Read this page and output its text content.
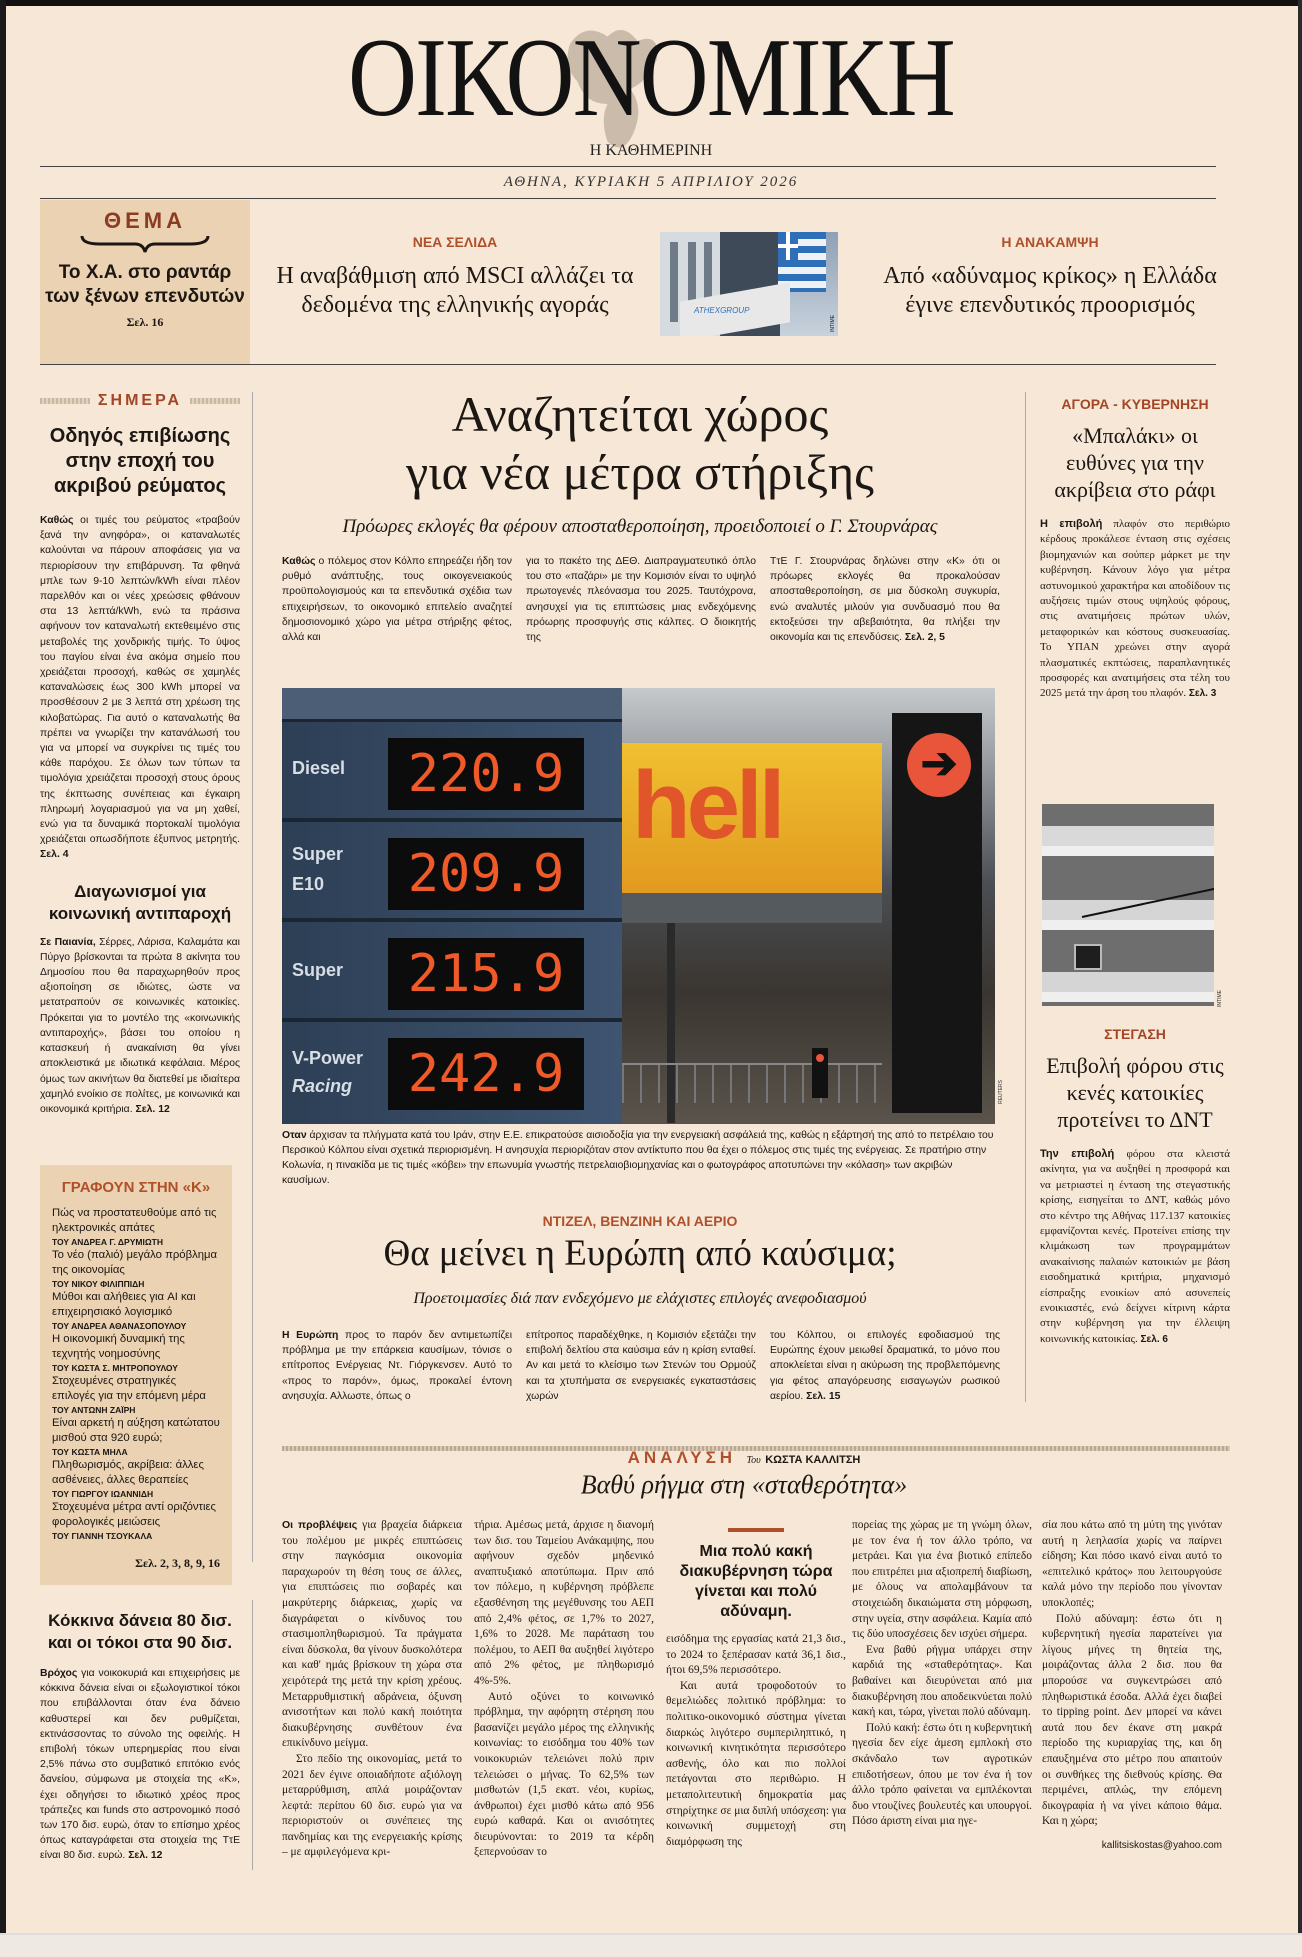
ΟΙΚΟΝΟΜΙΚΗ
Η ΚΑΘΗΜΕΡΙΝΗ
ΑΘΗΝΑ, ΚΥΡΙΑΚΗ 5 ΑΠΡΙΛΙΟΥ 2026
ΘΕΜΑ
Το Χ.Α. στο ραντάρ των ξένων επενδυτών
Σελ. 16
ΝΕΑ ΣΕΛΙΔΑ
Η αναβάθμιση από MSCI αλλάζει τα δεδομένα της ελληνικής αγοράς	ATHEXGROUP
INTIME
Η ΑΝΑΚΑΜΨΗ
Από «αδύναμος κρίκος» η Ελλάδα έγινε επενδυτικός προορισμός
ΣΗΜΕΡΑ
Οδηγός επιβίωσης στην εποχή του ακριβού ρεύματος
Καθώς οι τιμές του ρεύματος «τραβούν ξανά την ανηφόρα», οι καταναλωτές καλούνται να πάρουν αποφάσεις για να περιορίσουν την επιβάρυνση. Τα φθηνά μπλε των 9-10 λεπτών/kWh είναι πλέον παρελθόν και οι νέες χρεώσεις φθάνουν στα 13 λεπτά/kWh, ενώ τα πράσινα αφήνουν τον καταναλωτή εκτεθειμένο στις μεταβολές της χονδρικής τιμής. Το ύψος του παγίου είναι ένα ακόμα σημείο που χρειάζεται προσοχή, καθώς σε χαμηλές καταναλώσεις έως 300 kWh μπορεί να προσθέσουν 2 με 3 λεπτά στη χρέωση της κιλοβατώρας. Για αυτό ο καταναλωτής θα πρέπει να γνωρίζει την κατανάλωσή του για να μπορεί να συγκρίνει τις τιμές του κάθε παρόχου. Σε όλων των τύπων τα τιμολόγια χρειάζεται προσοχή στους όρους της έκπτωσης συνέπειας και έγκαιρη πληρωμή λογαριασμού για να μη χαθεί, ενώ για τα δυναμικά πορτοκαλί τιμολόγια χρειάζεται οπωσδήποτε έξυπνος μετρητής. Σελ. 4
Διαγωνισμοί για κοινωνική αντιπαροχή
Σε Παιανία, Σέρρες, Λάρισα, Καλαμάτα και Πύργο βρίσκονται τα πρώτα 8 ακίνητα του Δημοσίου που θα παραχωρηθούν προς αξιοποίηση σε ιδιώτες, ώστε να μετατραπούν σε κοινωνικές κατοικίες. Πρόκειται για το μοντέλο της «κοινωνικής αντιπαροχής», βάσει του οποίου η κατασκευή ή ανακαίνιση θα γίνει αποκλειστικά με ιδιωτικά κεφάλαια. Μέρος όμως των ακινήτων θα διατεθεί με ιδιαίτερα χαμηλό ενοίκιο σε πολίτες, με κοινωνικά και οικονομικά κριτήρια. Σελ. 12
ΓΡΑΦΟΥΝ ΣΤΗΝ «Κ»
Πώς να προστατευθούμε από τις ηλεκτρονικές απάτες
ΤΟΥ ΑΝΔΡΕΑ Γ. ΔΡΥΜΙΩΤΗ
Το νέο (παλιό) μεγάλο πρόβλημα της οικονομίας
ΤΟΥ ΝΙΚΟΥ ΦΙΛΙΠΠΙΔΗ
Μύθοι και αλήθειες για AI και επιχειρησιακό λογισμικό
ΤΟΥ ΑΝΔΡΕΑ ΑΘΑΝΑΣΟΠΟΥΛΟΥ
Η οικονομική δυναμική της τεχνητής νοημοσύνης
ΤΟΥ ΚΩΣΤΑ Σ. ΜΗΤΡΟΠΟΥΛΟΥ
Στοχευμένες στρατηγικές επιλογές για την επόμενη μέρα
ΤΟΥ ΑΝΤΩΝΗ ΖΑΪΡΗ
Είναι αρκετή η αύξηση κατώτατου μισθού στα 920 ευρώ;
ΤΟΥ ΚΩΣΤΑ ΜΗΛΑ
Πληθωρισμός, ακρίβεια: άλλες ασθένειες, άλλες θεραπείες
ΤΟΥ ΓΙΩΡΓΟΥ ΙΩΑΝΝΙΔΗ
Στοχευμένα μέτρα αντί οριζόντιες φορολογικές μειώσεις
ΤΟΥ ΓΙΑΝΝΗ ΤΣΟΥΚΑΛΑ
Σελ. 2, 3, 8, 9, 16
Κόκκινα δάνεια 80 δισ. και οι τόκοι στα 90 δισ.
Βρόχος για νοικοκυριά και επιχειρήσεις με κόκκινα δάνεια είναι οι εξωλογιστικοί τόκοι που επιβάλλονται όταν ένα δάνειο καθυστερεί και δεν ρυθμίζεται, εκτινάσσοντας το σύνολο της οφειλής. Η επιβολή τόκων υπερημερίας που είναι 2,5% πάνω στο συμβατικό επιτόκιο ενός δανείου, σύμφωνα με στοιχεία της «Κ», έχει οδηγήσει το ιδιωτικό χρέος προς τράπεζες και funds στο αστρονομικό ποσό των 170 δισ. ευρώ, όταν το επίσημο χρέος όπως καταγράφεται στα στοιχεία της ΤτΕ είναι 80 δισ. ευρώ. Σελ. 12
Αναζητείται χώρος
για νέα μέτρα στήριξης
Πρόωρες εκλογές θα φέρουν αποσταθεροποίηση, προειδοποιεί ο Γ. Στουρνάρας
Καθώς ο πόλεμος στον Κόλπο επηρεάζει ήδη τον ρυθμό ανάπτυξης, τους οικογενειακούς προϋπολογισμούς και τα επενδυτικά σχέδια των επιχειρήσεων, το οικονομικό επιτελείο αναζητεί δημοσιονομικό χώρο για μέτρα στήριξης φέτος, αλλά και
για το πακέτο της ΔΕΘ. Διαπραγματευτικό όπλο του στο «παζάρι» με την Κομισιόν είναι το υψηλό πρωτογενές πλεόνασμα του 2025. Ταυτόχρονα, ανησυχεί για τις επιπτώσεις μιας ενδεχόμενης πρόωρης προσφυγής στις κάλπες. Ο διοικητής της
ΤτΕ Γ. Στουρνάρας δηλώνει στην «Κ» ότι οι πρόωρες εκλογές θα προκαλούσαν αποσταθεροποίηση, σε μια δύσκολη συγκυρία, ενώ αναλυτές μιλούν για συνδυασμό που θα εκτοξεύσει την αβεβαιότητα, θα πλήξει την οικονομία και τις επενδύσεις. Σελ. 2, 5
hell	➔
Diesel	220.9
Super
E10	209.9
Super	215.9
V-Power
Racing	242.9	REUTERS
Οταν άρχισαν τα πλήγματα κατά του Ιράν, στην Ε.Ε. επικρατούσε αισιοδοξία για την ενεργειακή ασφάλειά της, καθώς η εξάρτησή της από το πετρέλαιο του Περσικού Κόλπου είναι σχετικά περιορισμένη. Η ανησυχία περιοριζόταν στον αντίκτυπο που θα έχει ο πόλεμος στις τιμές της ενέργειας. Σε πρατήριο στην Κολωνία, η πινακίδα με τις τιμές «κόβει» την επωνυμία γνωστής πετρελαιοβιομηχανίας και ο φωτογράφος αποτυπώνει την «κόλαση» των ακριβών καυσίμων.
ΝΤΙΖΕΛ, ΒΕΝΖΙΝΗ ΚΑΙ ΑΕΡΙΟ
Θα μείνει η Ευρώπη από καύσιμα;
Προετοιμασίες διά παν ενδεχόμενο με ελάχιστες επιλογές ανεφοδιασμού
Η Ευρώπη προς το παρόν δεν αντιμετωπίζει πρόβλημα με την επάρκεια καυσίμων, τόνισε ο επίτροπος Ενέργειας Ντ. Γιόργκενσεν. Αυτό το «προς το παρόν», όμως, προκαλεί έντονη ανησυχία. Αλλωστε, όπως ο
επίτροπος παραδέχθηκε, η Κομισιόν εξετάζει την επιβολή δελτίου στα καύσιμα εάν η κρίση ενταθεί. Αν και μετά το κλείσιμο των Στενών του Ορμούζ και τα χτυπήματα σε ενεργειακές εγκαταστάσεις χωρών
του Κόλπου, οι επιλογές εφοδιασμού της Ευρώπης έχουν μειωθεί δραματικά, το μόνο που αποκλείεται είναι η ακύρωση της προβλεπόμενης για φέτος απαγόρευσης εισαγωγών ρωσικού αερίου. Σελ. 15
ΑΓΟΡΑ - ΚΥΒΕΡΝΗΣΗ
«Μπαλάκι» οι ευθύνες για την ακρίβεια στο ράφι
Η επιβολή πλαφόν στο περιθώριο κέρδους προκάλεσε ένταση στις σχέσεις βιομηχανιών και σούπερ μάρκετ με την κυβέρνηση. Κάνουν λόγο για μέτρα αστυνομικού χαρακτήρα και αποδίδουν τις αυξήσεις τιμών στους υψηλούς φόρους, στις ανατιμήσεις πρώτων υλών, μεταφορικών και κόστους συσκευασίας. Το ΥΠΑΝ χρεώνει στην αγορά πλασματικές εκπτώσεις, παραπλανητικές προσφορές και ανατιμήσεις στα τέλη του 2025 μετά την άρση του πλαφόν. Σελ. 3
INTIME
ΣΤΕΓΑΣΗ
Επιβολή φόρου στις κενές κατοικίες προτείνει το ΔΝΤ
Την επιβολή φόρου στα κλειστά ακίνητα, για να αυξηθεί η προσφορά και να μετριαστεί η ένταση της στεγαστικής κρίσης, εισηγείται το ΔΝΤ, καθώς μόνο στο κέντρο της Αθήνας 117.137 κατοικίες εμφανίζονται κενές. Προτείνει επίσης την κλιμάκωση των προγραμμάτων ανακαίνισης παλαιών κατοικιών με βάση εισοδηματικά κριτήρια, μηχανισμό είσπραξης ενοικίων από ασυνεπείς ενοικιαστές, ενώ δείχνει κίτρινη κάρτα στην κυβέρνηση για την έλλειψη κοινωνικής κατοικίας. Σελ. 6
ΑΝΑΛΥΣΗ Του ΚΩΣΤΑ ΚΑΛΛΙΤΣΗ
Βαθύ ρήγμα στη «σταθερότητα»
Οι προβλέψεις για βραχεία διάρκεια του πολέμου με μικρές επιπτώσεις στην παγκόσμια οικονομία παραχωρούν τη θέση τους σε άλλες, για επιπτώσεις πιο σοβαρές και μακρύτερης διάρκειας, χωρίς να διαγράφεται ο κίνδυνος του στασιμοπληθωρισμού. Τα πράγματα είναι δύσκολα, θα γίνουν δυσκολότερα και καθ' ημάς βρίσκουν τη χώρα στα χειρότερά της μετά την κρίση χρέους. Μεταρρυθμιστική αδράνεια, όξυνση ανισοτήτων και πολύ κακή ποιότητα διακυβέρνησης συνθέτουν ένα επικίνδυνο μείγμα.
Στο πεδίο της οικονομίας, μετά το 2021 δεν έγινε οποιαδήποτε αξιόλογη μεταρρύθμιση, απλά μοιράζονταν λεφτά: περίπου 60 δισ. ευρώ για να περιοριστούν οι συνέπειες της πανδημίας και της ενεργειακής κρίσης – με αμφιλεγόμενα κρι-
τήρια. Αμέσως μετά, άρχισε η διανομή των δισ. του Ταμείου Ανάκαμψης, που αφήνουν σχεδόν μηδενικό αναπτυξιακό αποτύπωμα. Πριν από τον πόλεμο, η κυβέρνηση πρόβλεπε εξασθένηση της μεγέθυνσης του ΑΕΠ από 2,4% φέτος, σε 1,7% το 2027, 1,6% το 2028. Με παράταση του πολέμου, το ΑΕΠ θα αυξηθεί λιγότερο από 2% φέτος, με πληθωρισμό 4%-5%.
Αυτό οξύνει το κοινωνικό πρόβλημα, την αφόρητη στέρηση που βασανίζει μεγάλο μέρος της ελληνικής κοινωνίας: το εισόδημα του 40% των νοικοκυριών τελειώνει πολύ πριν τελειώσει ο μήνας. Το 62,5% των μισθωτών (1,5 εκατ. νέοι, κυρίως, άνθρωποι) έχει μισθό κάτω από 956 ευρώ καθαρά. Και οι ανισότητες διευρύνονται: το 2019 τα κέρδη ξεπερνούσαν το
Μια πολύ κακή διακυβέρνηση τώρα γίνεται και πολύ αδύναμη.
εισόδημα της εργασίας κατά 21,3 δισ., το 2024 το ξεπέρασαν κατά 36,1 δισ., ήτοι 69,5% περισσότερο.
Και αυτά τροφοδοτούν το θεμελιώδες πολιτικό πρόβλημα: το πολιτικο-οικονομικό σύστημα γίνεται διαρκώς λιγότερο συμπεριληπτικό, η κοινωνική κινητικότητα περισσότερο ασθενής, όλο και πιο πολλοί πετάγονται στο περιθώριο. Η μεταπολιτευτική δημοκρατία μας στηρίχτηκε σε μια διπλή υπόσχεση: για κοινωνική συμμετοχή στη διαμόρφωση της
πορείας της χώρας με τη γνώμη όλων, με τον ένα ή τον άλλο τρόπο, να μετράει. Και για ένα βιοτικό επίπεδο που επιτρέπει μια αξιοπρεπή διαβίωση, με όλους να απολαμβάνουν τα στοιχειώδη δικαιώματα στη μόρφωση, στην υγεία, στην ασφάλεια. Καμία από τις δύο υποσχέσεις δεν ισχύει σήμερα.
Ενα βαθύ ρήγμα υπάρχει στην καρδιά της «σταθερότητας». Και βαθαίνει και διευρύνεται από μια διακυβέρνηση που αποδεικνύεται πολύ κακή και, τώρα, γίνεται πολύ αδύναμη.
Πολύ κακή: έστω ότι η κυβερνητική ηγεσία δεν είχε άμεση εμπλοκή στο σκάνδαλο των αγροτικών επιδοτήσεων, όπου με τον ένα ή τον άλλο τρόπο φαίνεται να εμπλέκονται δυο ντουζίνες βουλευτές και υπουργοί. Πόσο άριστη είναι μια ηγε-
σία που κάτω από τη μύτη της γινόταν αυτή η λεηλασία χωρίς να παίρνει είδηση; Και πόσο ικανό είναι αυτό το «επιτελικό κράτος» που λειτουργούσε καλά μόνο την περίοδο που γίνονταν υποκλοπές;
Πολύ αδύναμη: έστω ότι η κυβερνητική ηγεσία παρατείνει για λίγους μήνες τη θητεία της, μοιράζοντας άλλα 2 δισ. που θα μπορούσε να συγκεντρώσει από πληθωριστικά έσοδα. Αλλά έχει διαβεί το tipping point. Δεν μπορεί να κάνει αυτά που δεν έκανε στη μακρά περίοδο της κυριαρχίας της, και δη επαυξημένα στο μέτρο που απαιτούν οι συνθήκες της διεθνούς κρίσης. Θα περιμένει, απλώς, την επόμενη δικογραφία ή να γίνει κάποιο θάμα. Και η χώρα;
kallitsiskostas@yahoo.com
